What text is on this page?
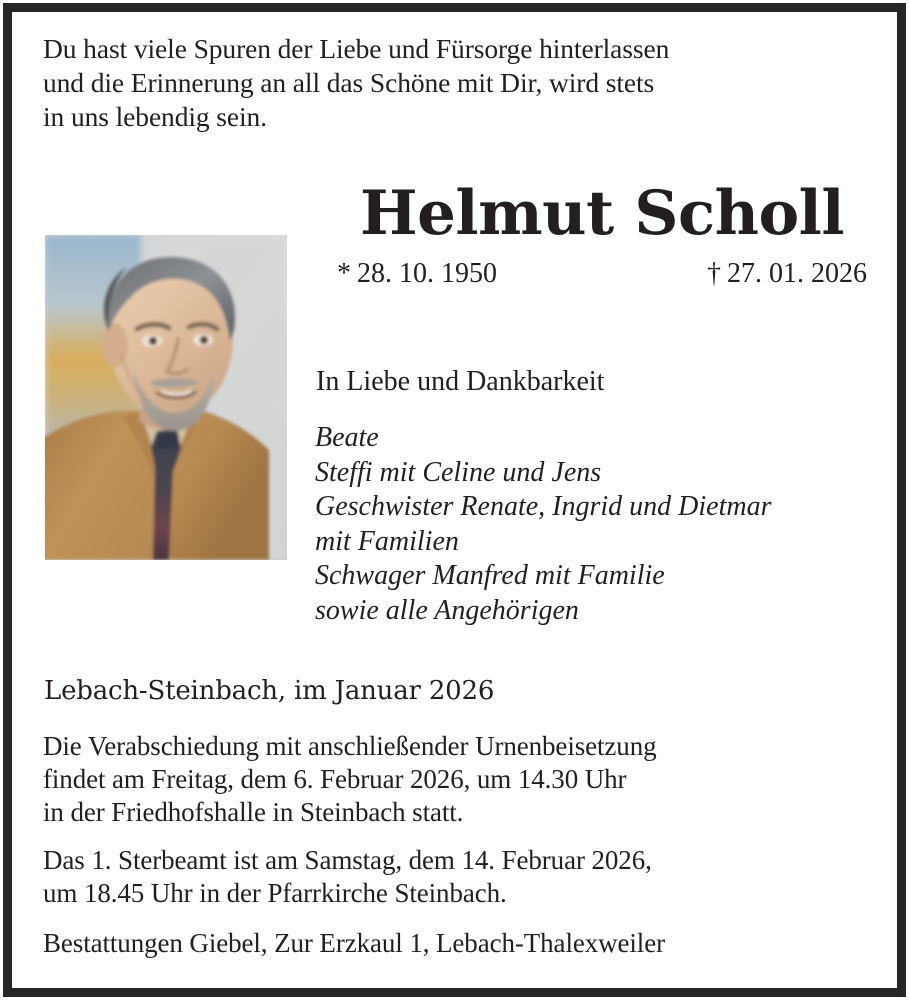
Du hast viele Spuren der Liebe und Fürsorge hinterlassen
und die Erinnerung an all das Schöne mit Dir, wird stets
in uns lebendig sein.
Helmut Scholl
* 28. 10. 1950	† 27. 01. 2026
In Liebe und Dankbarkeit
Beate
Steffi mit Celine und Jens
Geschwister Renate, Ingrid und Dietmar
mit Familien
Schwager Manfred mit Familie
sowie alle Angehörigen
Lebach-Steinbach, im Januar 2026
Die Verabschiedung mit anschließender Urnenbeisetzung
findet am Freitag, dem 6. Februar 2026, um 14.30 Uhr
in der Friedhofshalle in Steinbach statt.
Das 1. Sterbeamt ist am Samstag, dem 14. Februar 2026,
um 18.45 Uhr in der Pfarrkirche Steinbach.
Bestattungen Giebel, Zur Erzkaul 1, Lebach-Thalexweiler
